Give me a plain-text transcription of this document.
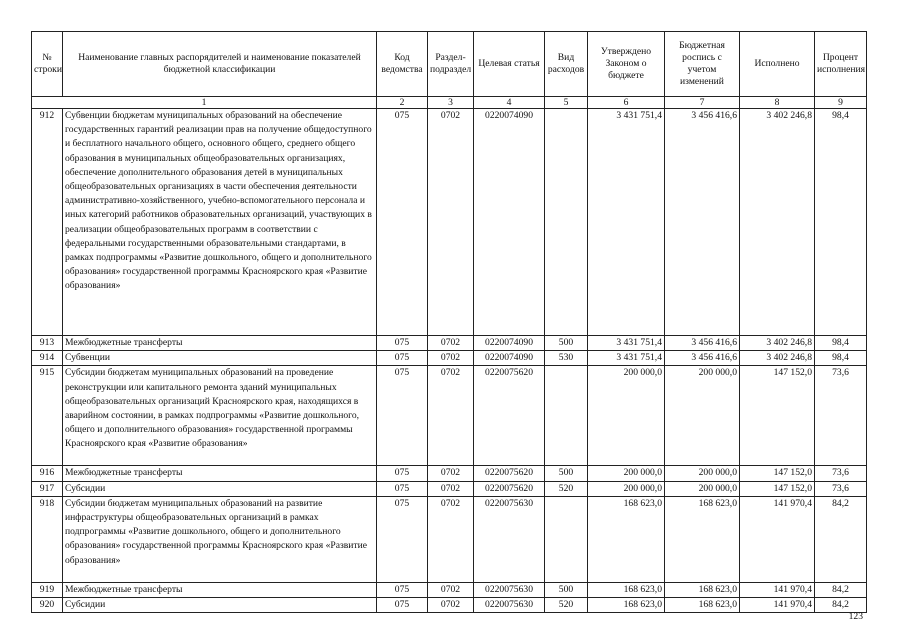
№ строки	Наименование главных распорядителей и наименование показателей бюджетной классификации	Код ведомства	Раздел-подраздел	Целевая статья	Вид расходов	Утверждено Законом о бюджете	Бюджетная роспись с учетом изменений	Исполнено	Процент исполнения
1		2	3	4	5	6	7	8	9
912	Субвенции бюджетам муниципальных образований на обеспечение государственных гарантий реализации прав на получение общедоступного и бесплатного начального общего, основного общего, среднего общего образования в муниципальных общеобразовательных организациях, обеспечение дополнительного образования детей в муниципальных общеобразовательных организациях в части обеспечения деятельности административно-хозяйственного, учебно-вспомогательного персонала и иных категорий работников образовательных организаций, участвующих в реализации общеобразовательных программ в соответствии с федеральными государственными образовательными стандартами, в рамках подпрограммы «Развитие дошкольного, общего и дополнительного образования» государственной программы Красноярского края «Развитие образования»	075	0702	0220074090		3 431 751,4	3 456 416,6	3 402 246,8	98,4
913	Межбюджетные трансферты	075	0702	0220074090	500	3 431 751,4	3 456 416,6	3 402 246,8	98,4
914	Субвенции	075	0702	0220074090	530	3 431 751,4	3 456 416,6	3 402 246,8	98,4
915	Субсидии бюджетам муниципальных образований на проведение реконструкции или капитального ремонта зданий муниципальных общеобразовательных организаций Красноярского края, находящихся в аварийном состоянии, в рамках подпрограммы «Развитие дошкольного, общего и дополнительного образования» государственной программы Красноярского края «Развитие образования»	075	0702	0220075620		200 000,0	200 000,0	147 152,0	73,6
916	Межбюджетные трансферты	075	0702	0220075620	500	200 000,0	200 000,0	147 152,0	73,6
917	Субсидии	075	0702	0220075620	520	200 000,0	200 000,0	147 152,0	73,6
918	Субсидии бюджетам муниципальных образований на развитие инфраструктуры общеобразовательных организаций в рамках подпрограммы «Развитие дошкольного, общего и дополнительного образования» государственной программы Красноярского края «Развитие образования»	075	0702	0220075630		168 623,0	168 623,0	141 970,4	84,2
919	Межбюджетные трансферты	075	0702	0220075630	500	168 623,0	168 623,0	141 970,4	84,2
920	Субсидии	075	0702	0220075630	520	168 623,0	168 623,0	141 970,4	84,2
123
